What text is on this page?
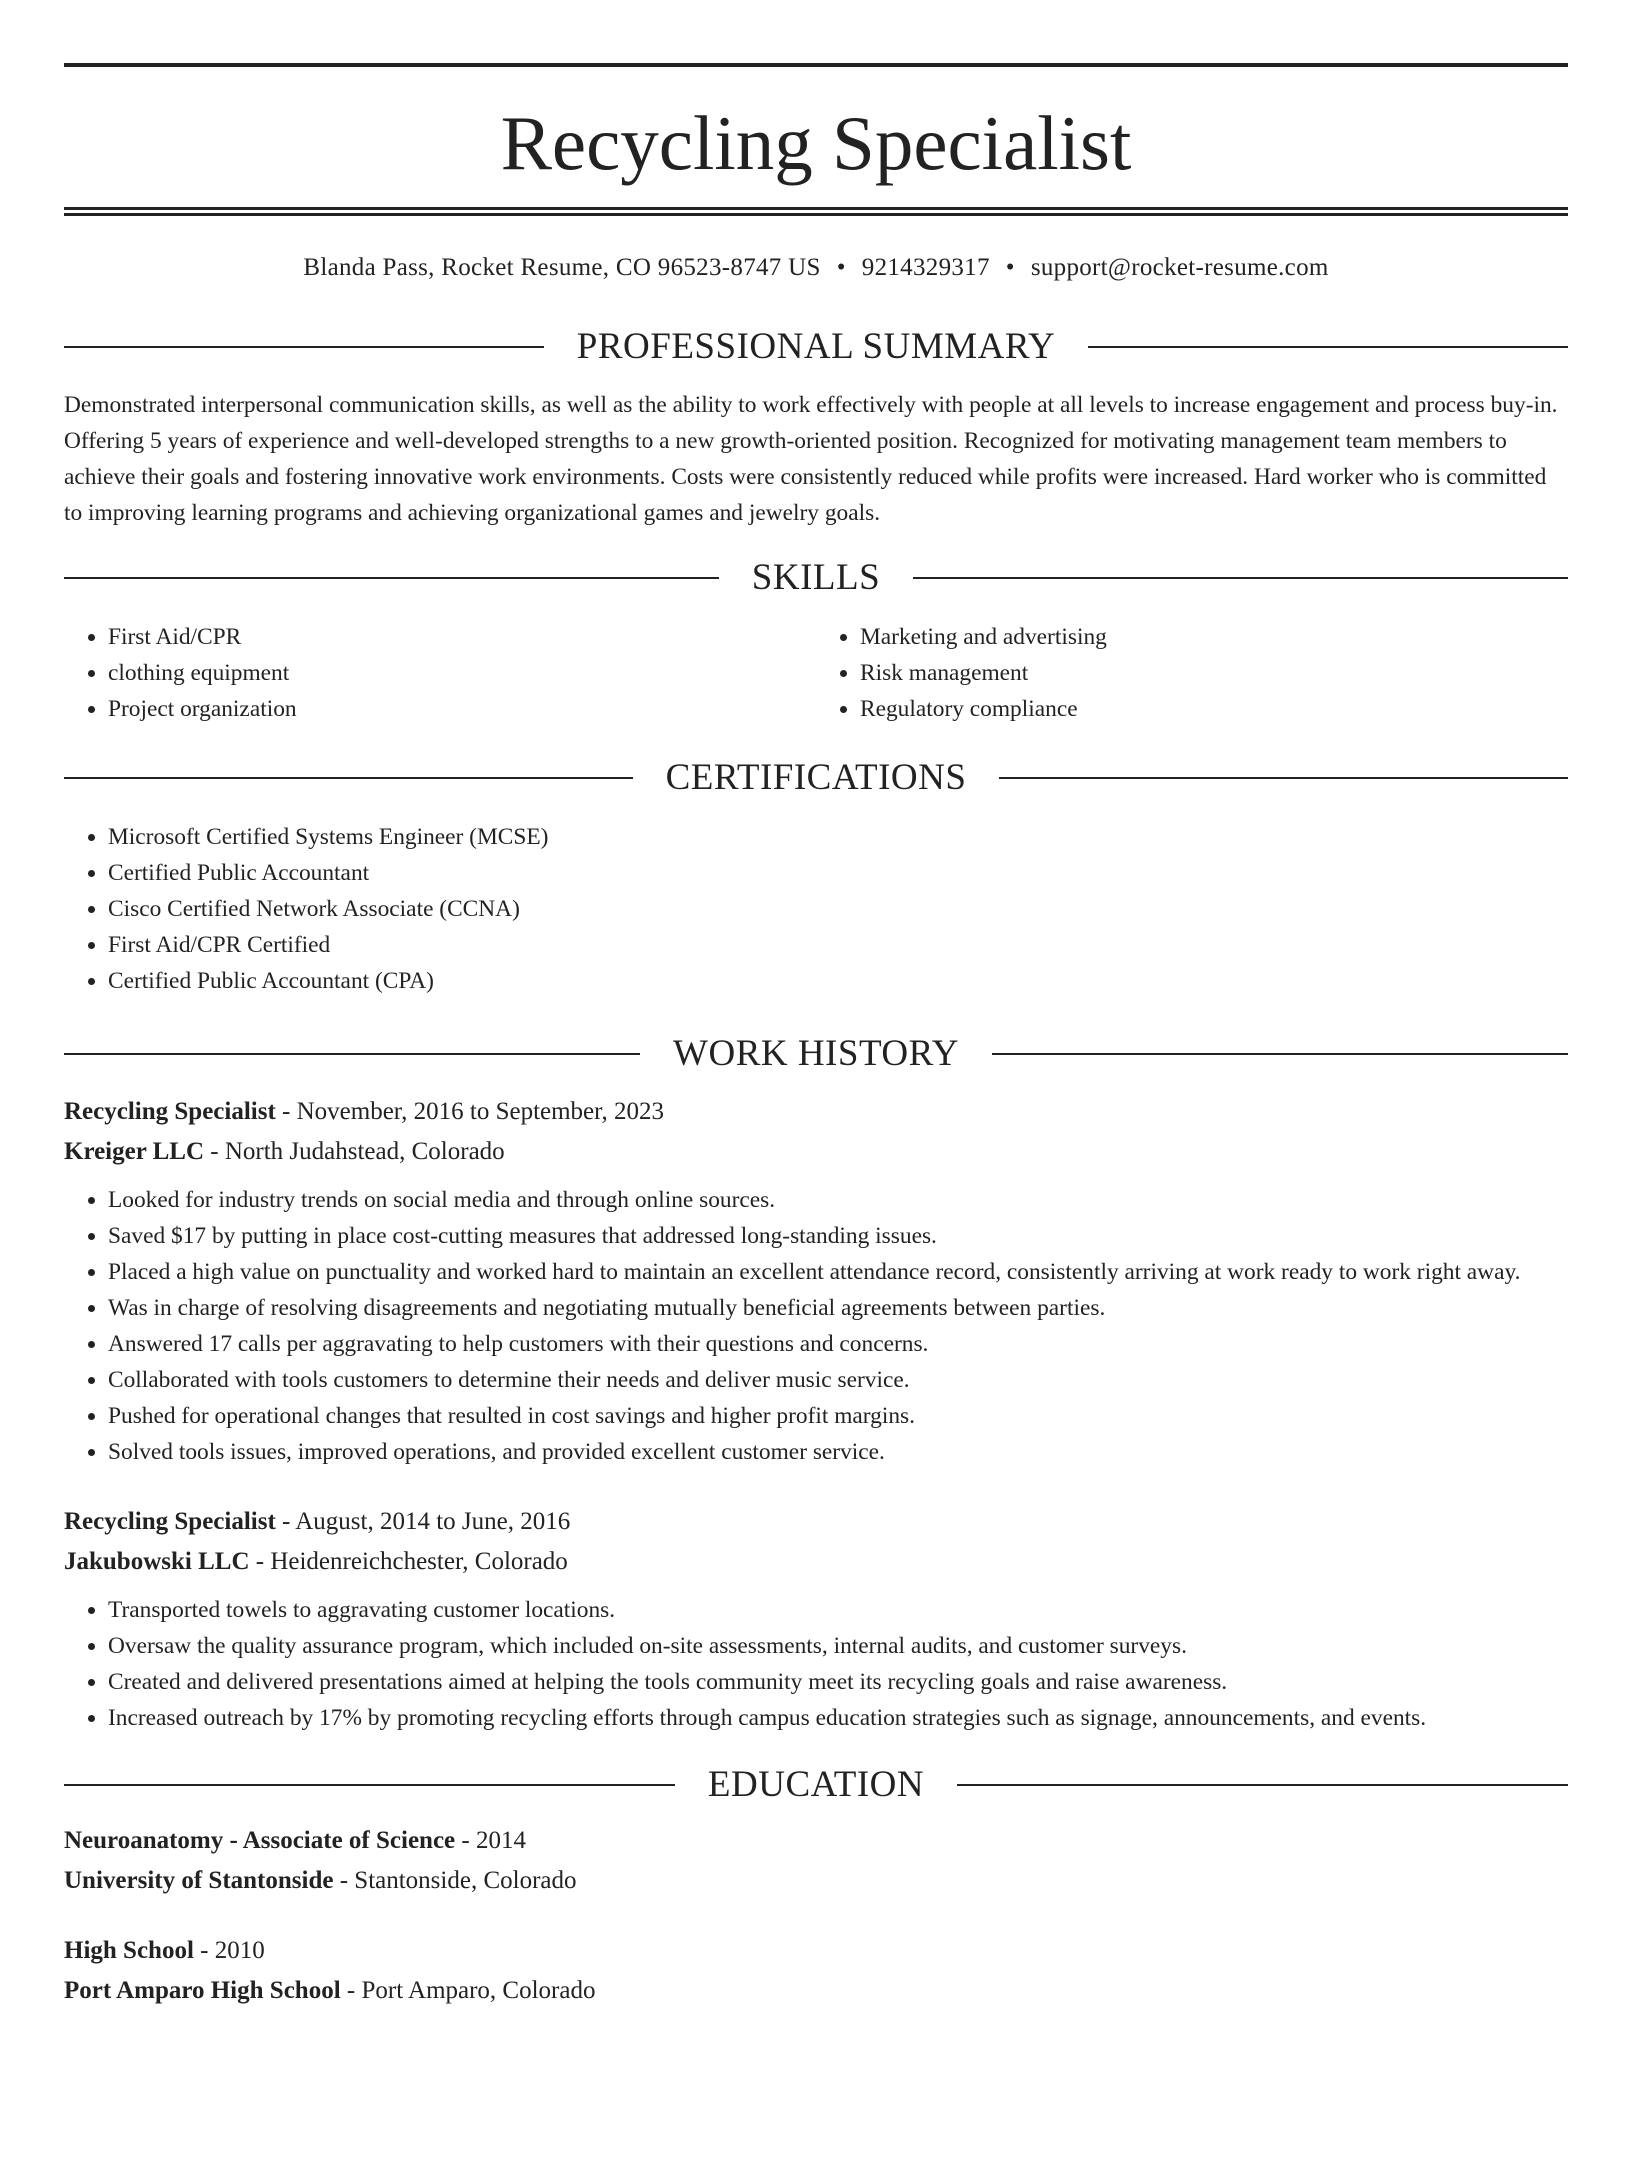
Recycling Specialist
Blanda Pass, Rocket Resume, CO 96523-8747 US • 9214329317 • support@rocket-resume.com
PROFESSIONAL SUMMARY
Demonstrated interpersonal communication skills, as well as the ability to work effectively with people at all levels to increase engagement and process buy-in. Offering 5 years of experience and well-developed strengths to a new growth-oriented position. Recognized for motivating management team members to achieve their goals and fostering innovative work environments. Costs were consistently reduced while profits were increased. Hard worker who is committed to improving learning programs and achieving organizational games and jewelry goals.
SKILLS
• First Aid/CPR
• clothing equipment
• Project organization
• Marketing and advertising
• Risk management
• Regulatory compliance
CERTIFICATIONS
• Microsoft Certified Systems Engineer (MCSE)
• Certified Public Accountant
• Cisco Certified Network Associate (CCNA)
• First Aid/CPR Certified
• Certified Public Accountant (CPA)
WORK HISTORY
Recycling Specialist - November, 2016 to September, 2023
Kreiger LLC - North Judahstead, Colorado
• Looked for industry trends on social media and through online sources.
• Saved $17 by putting in place cost-cutting measures that addressed long-standing issues.
• Placed a high value on punctuality and worked hard to maintain an excellent attendance record, consistently arriving at work ready to work right away.
• Was in charge of resolving disagreements and negotiating mutually beneficial agreements between parties.
• Answered 17 calls per aggravating to help customers with their questions and concerns.
• Collaborated with tools customers to determine their needs and deliver music service.
• Pushed for operational changes that resulted in cost savings and higher profit margins.
• Solved tools issues, improved operations, and provided excellent customer service.
Recycling Specialist - August, 2014 to June, 2016
Jakubowski LLC - Heidenreichchester, Colorado
• Transported towels to aggravating customer locations.
• Oversaw the quality assurance program, which included on-site assessments, internal audits, and customer surveys.
• Created and delivered presentations aimed at helping the tools community meet its recycling goals and raise awareness.
• Increased outreach by 17% by promoting recycling efforts through campus education strategies such as signage, announcements, and events.
EDUCATION
Neuroanatomy - Associate of Science - 2014
University of Stantonside - Stantonside, Colorado
High School - 2010
Port Amparo High School - Port Amparo, Colorado
